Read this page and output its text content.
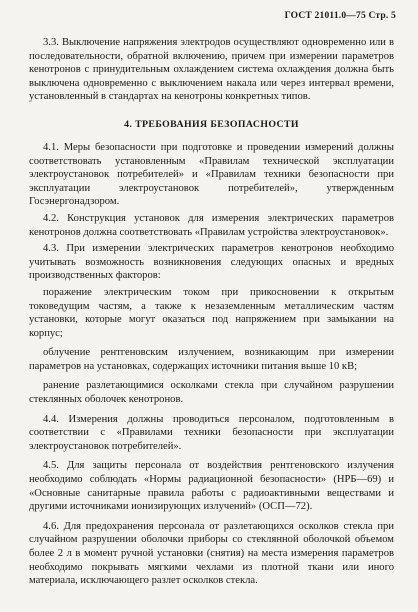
ГОСТ 21011.0—75 Стр. 5

3.3. Выключение напряжения электродов осуществляют одновременно или в последовательности, обратной включению, причем при измерении параметров кенотронов с принудительным охлаждением система охлаждения должна быть выключена одновременно с выключением накала или через интервал времени, установленный в стандартах на кенотроны конкретных типов.

4. ТРЕБОВАНИЯ БЕЗОПАСНОСТИ

4.1. Меры безопасности при подготовке и проведении измерений должны соответствовать установленным «Правилам технической эксплуатации электроустановок потребителей» и «Правилам техники безопасности при эксплуатации электроустановок потребителей», утвержденным Госэнергонадзором.

4.2. Конструкция установок для измерения электрических параметров кенотронов должна соответствовать «Правилам устройства электроустановок».

4.3. При измерении электрических параметров кенотронов необходимо учитывать возможность возникновения следующих опасных и вредных производственных факторов:

поражение электрическим током при прикосновении к открытым токоведущим частям, а также к незаземленным металлическим частям установки, которые могут оказаться под напряжением при замыкании на корпус;

облучение рентгеновским излучением, возникающим при измерении параметров на установках, содержащих источники питания выше 10 кВ;

ранение разлетающимися осколками стекла при случайном разрушении стеклянных оболочек кенотронов.

4.4. Измерения должны проводиться персоналом, подготовленным в соответствии с «Правилами техники безопасности при эксплуатации электроустановок потребителей».

4.5. Для защиты персонала от воздействия рентгеновского излучения необходимо соблюдать «Нормы радиационной безопасности» (НРБ—69) и «Основные санитарные правила работы с радиоактивными веществами и другими источниками ионизирующих излучений» (ОСП—72).

4.6. Для предохранения персонала от разлетающихся осколков стекла при случайном разрушении оболочки приборы со стеклянной оболочкой объемом более 2 л в момент ручной установки (снятия) на места измерения параметров необходимо покрывать мягкими чехлами из плотной ткани или иного материала, исключающего разлет осколков стекла.
